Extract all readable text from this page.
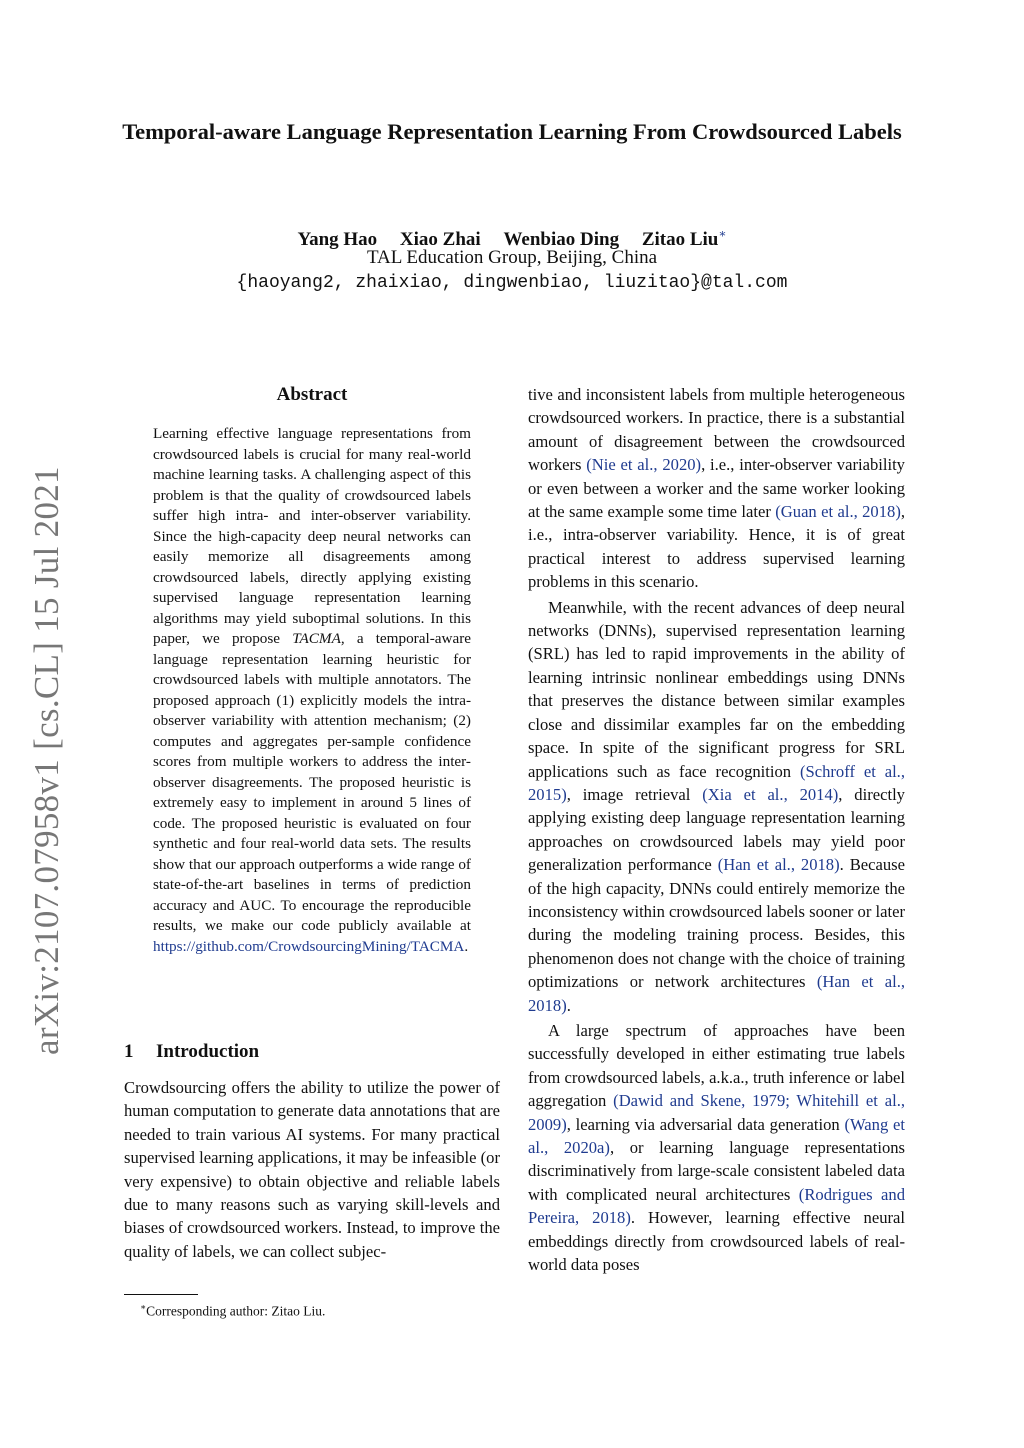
arXiv:2107.07958v1 [cs.CL] 15 Jul 2021
Temporal-aware Language Representation Learning From Crowdsourced Labels
Yang Hao Xiao Zhai Wenbiao Ding Zitao Liu∗
TAL Education Group, Beijing, China
{haoyang2, zhaixiao, dingwenbiao, liuzitao}@tal.com
Abstract
Learning effective language representations from crowdsourced labels is crucial for many real-world machine learning tasks. A challenging aspect of this problem is that the quality of crowdsourced labels suffer high intra- and inter-observer variability. Since the high-capacity deep neural networks can easily memorize all disagreements among crowdsourced labels, directly applying existing supervised language representation learning algorithms may yield suboptimal solutions. In this paper, we propose TACMA, a temporal-aware language representation learning heuristic for crowdsourced labels with multiple annotators. The proposed approach (1) explicitly models the intra-observer variability with attention mechanism; (2) computes and aggregates per-sample confidence scores from multiple workers to address the inter-observer disagreements. The proposed heuristic is extremely easy to implement in around 5 lines of code. The proposed heuristic is evaluated on four synthetic and four real-world data sets. The results show that our approach outperforms a wide range of state-of-the-art baselines in terms of prediction accuracy and AUC. To encourage the reproducible results, we make our code publicly available at https://github.com/CrowdsourcingMining/TACMA.
1 Introduction
Crowdsourcing offers the ability to utilize the power of human computation to generate data annotations that are needed to train various AI systems. For many practical supervised learning applications, it may be infeasible (or very expensive) to obtain objective and reliable labels due to many reasons such as varying skill-levels and biases of crowdsourced workers. Instead, to improve the quality of labels, we can collect subjec-

tive and inconsistent labels from multiple heterogeneous crowdsourced workers. In practice, there is a substantial amount of disagreement between the crowdsourced workers (Nie et al., 2020), i.e., inter-observer variability or even between a worker and the same worker looking at the same example some time later (Guan et al., 2018), i.e., intra-observer variability. Hence, it is of great practical interest to address supervised learning problems in this scenario.

Meanwhile, with the recent advances of deep neural networks (DNNs), supervised representation learning (SRL) has led to rapid improvements in the ability of learning intrinsic nonlinear embeddings using DNNs that preserves the distance between similar examples close and dissimilar examples far on the embedding space. In spite of the significant progress for SRL applications such as face recognition (Schroff et al., 2015), image retrieval (Xia et al., 2014), directly applying existing deep language representation learning approaches on crowdsourced labels may yield poor generalization performance (Han et al., 2018). Because of the high capacity, DNNs could entirely memorize the inconsistency within crowdsourced labels sooner or later during the modeling training process. Besides, this phenomenon does not change with the choice of training optimizations or network architectures (Han et al., 2018).

A large spectrum of approaches have been successfully developed in either estimating true labels from crowdsourced labels, a.k.a., truth inference or label aggregation (Dawid and Skene, 1979; Whitehill et al., 2009), learning via adversarial data generation (Wang et al., 2020a), or learning language representations discriminatively from large-scale consistent labeled data with complicated neural architectures (Rodrigues and Pereira, 2018). However, learning effective neural embeddings directly from crowdsourced labels of real-world data poses

∗Corresponding author: Zitao Liu.
